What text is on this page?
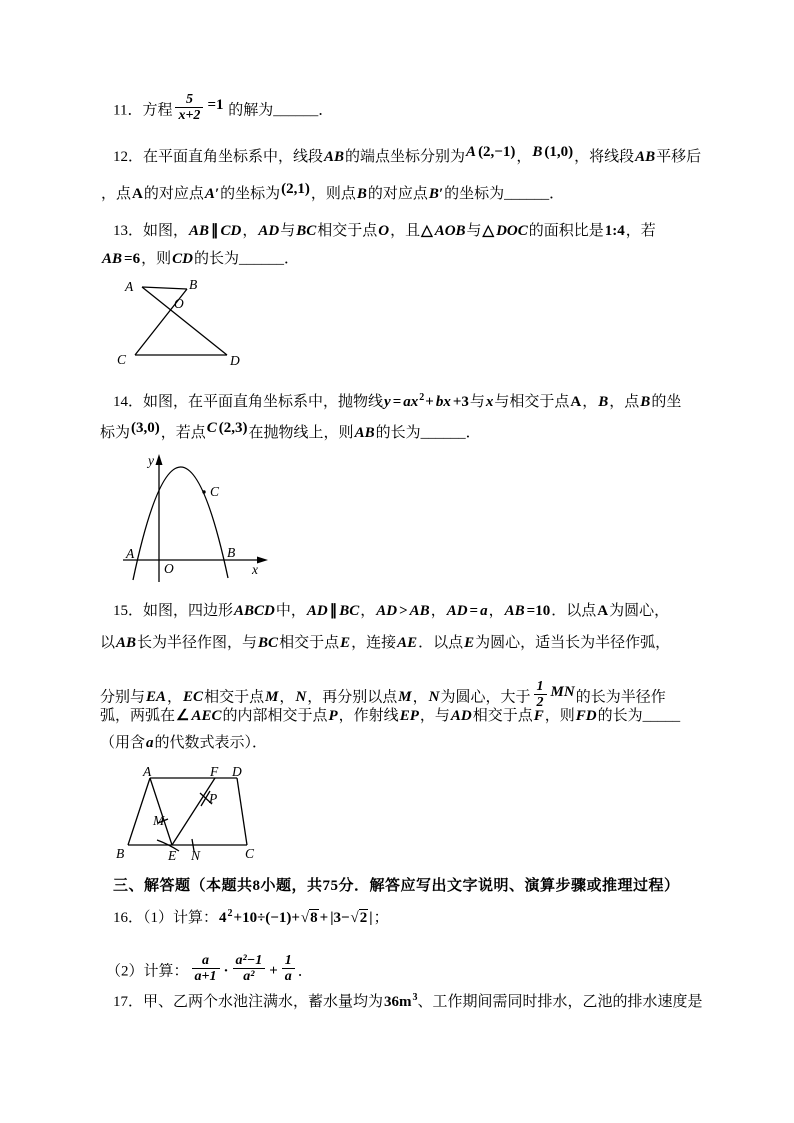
11．方程 $\frac{5}{x+2} =1$ 的解为______．
12．在平面直角坐标系中，线段AB的端点坐标分别为A (2,−1)，B (1,0)，将线段AB平移后
，点A的对应点A′的坐标为(2,1)，则点B的对应点B′的坐标为______．
13．如图，AB ∥ CD，AD与BC相交于点O，且△ AOB与△ DOC的面积比是1:4，若
AB =6，则CD的长为______．
A	B
O
C	D
14．如图，在平面直角坐标系中，抛物线$y = ax^2+$ bx +3与x与相交于点A，B，点B的坐
标为(3,0)，若点C (2,3)在抛物线上，则AB的长为______．
y
x
O
A	B
C
15．如图，四边形ABCD中，AD ∥ BC，AD > AB，AD = a，AB =10．以点A为圆心，
以AB长为半径作图，与BC相交于点E，连接AE．以点E为圆心，适当长为半径作弧，
分别与EA，EC相交于点M，N，再分别以点M，N为圆心，大于 $\frac{1}{2}$ MN的长为半径作
弧，两弧在∠ AEC的内部相交于点P，作射线EP，与AD相交于点F，则FD的长为_____
（用含a的代数式表示）．
A	F D
B	E N	C
M
P
三、解答题（本题共8小题，共75分．解答应写出文字说明、演算步骤或推理过程）
16．（1）计算：$4^2+10\div(-1)+√8 + |3-√2$ |；
（2）计算： $\frac{a}{a+1} \cdot \frac{\text{a²−1}}{\text{a²}} + \frac{1}{a}$ ．
17．甲、乙两个水池注满水，蓄水量均为$36m^3$、工作期间需同时排水，乙池的排水速度是
